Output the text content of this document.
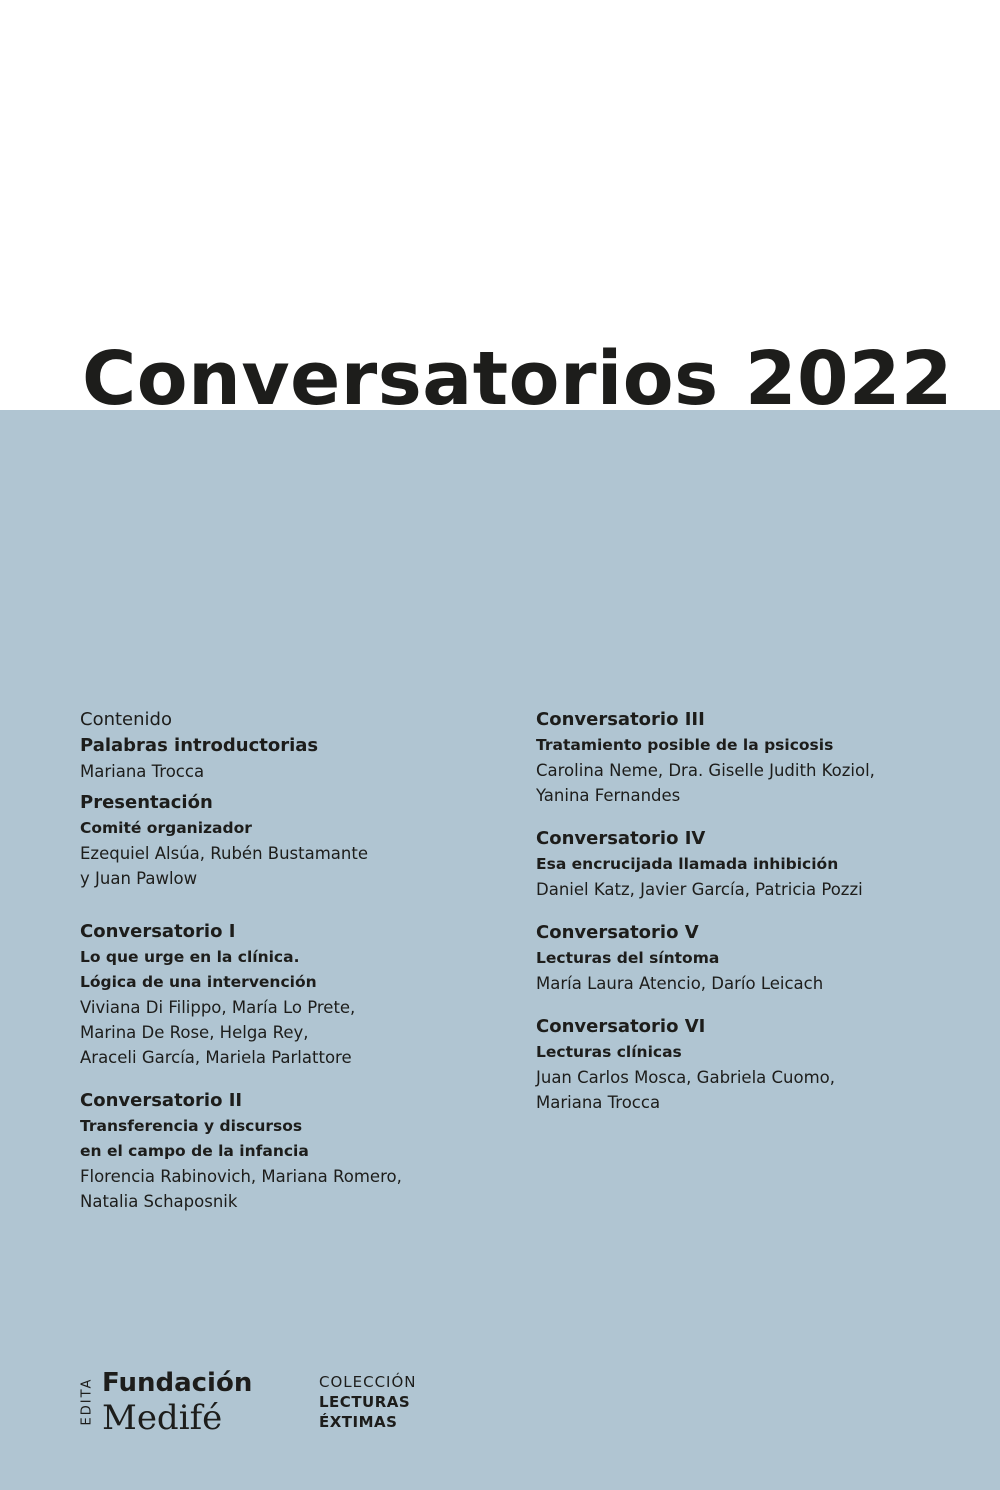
Conversatorios 2022
Contenido
Palabras introductorias
Mariana Trocca
Presentación
Comité organizador
Ezequiel Alsúa, Rubén Bustamante
y Juan Pawlow
Conversatorio I
Lo que urge en la clínica.
Lógica de una intervención
Viviana Di Filippo, María Lo Prete,
Marina De Rose, Helga Rey,
Araceli García, Mariela Parlattore
Conversatorio II
Transferencia y discursos
en el campo de la infancia
Florencia Rabinovich, Mariana Romero,
Natalia Schaposnik
Conversatorio III
Tratamiento posible de la psicosis
Carolina Neme, Dra. Giselle Judith Koziol,
Yanina Fernandes
Conversatorio IV
Esa encrucijada llamada inhibición
Daniel Katz, Javier García, Patricia Pozzi
Conversatorio V
Lecturas del síntoma
María Laura Atencio, Darío Leicach
Conversatorio VI
Lecturas clínicas
Juan Carlos Mosca, Gabriela Cuomo,
Mariana Trocca
EDITA Fundación
Medifé
COLECCIÓN
LECTURAS
ÉXTIMAS
